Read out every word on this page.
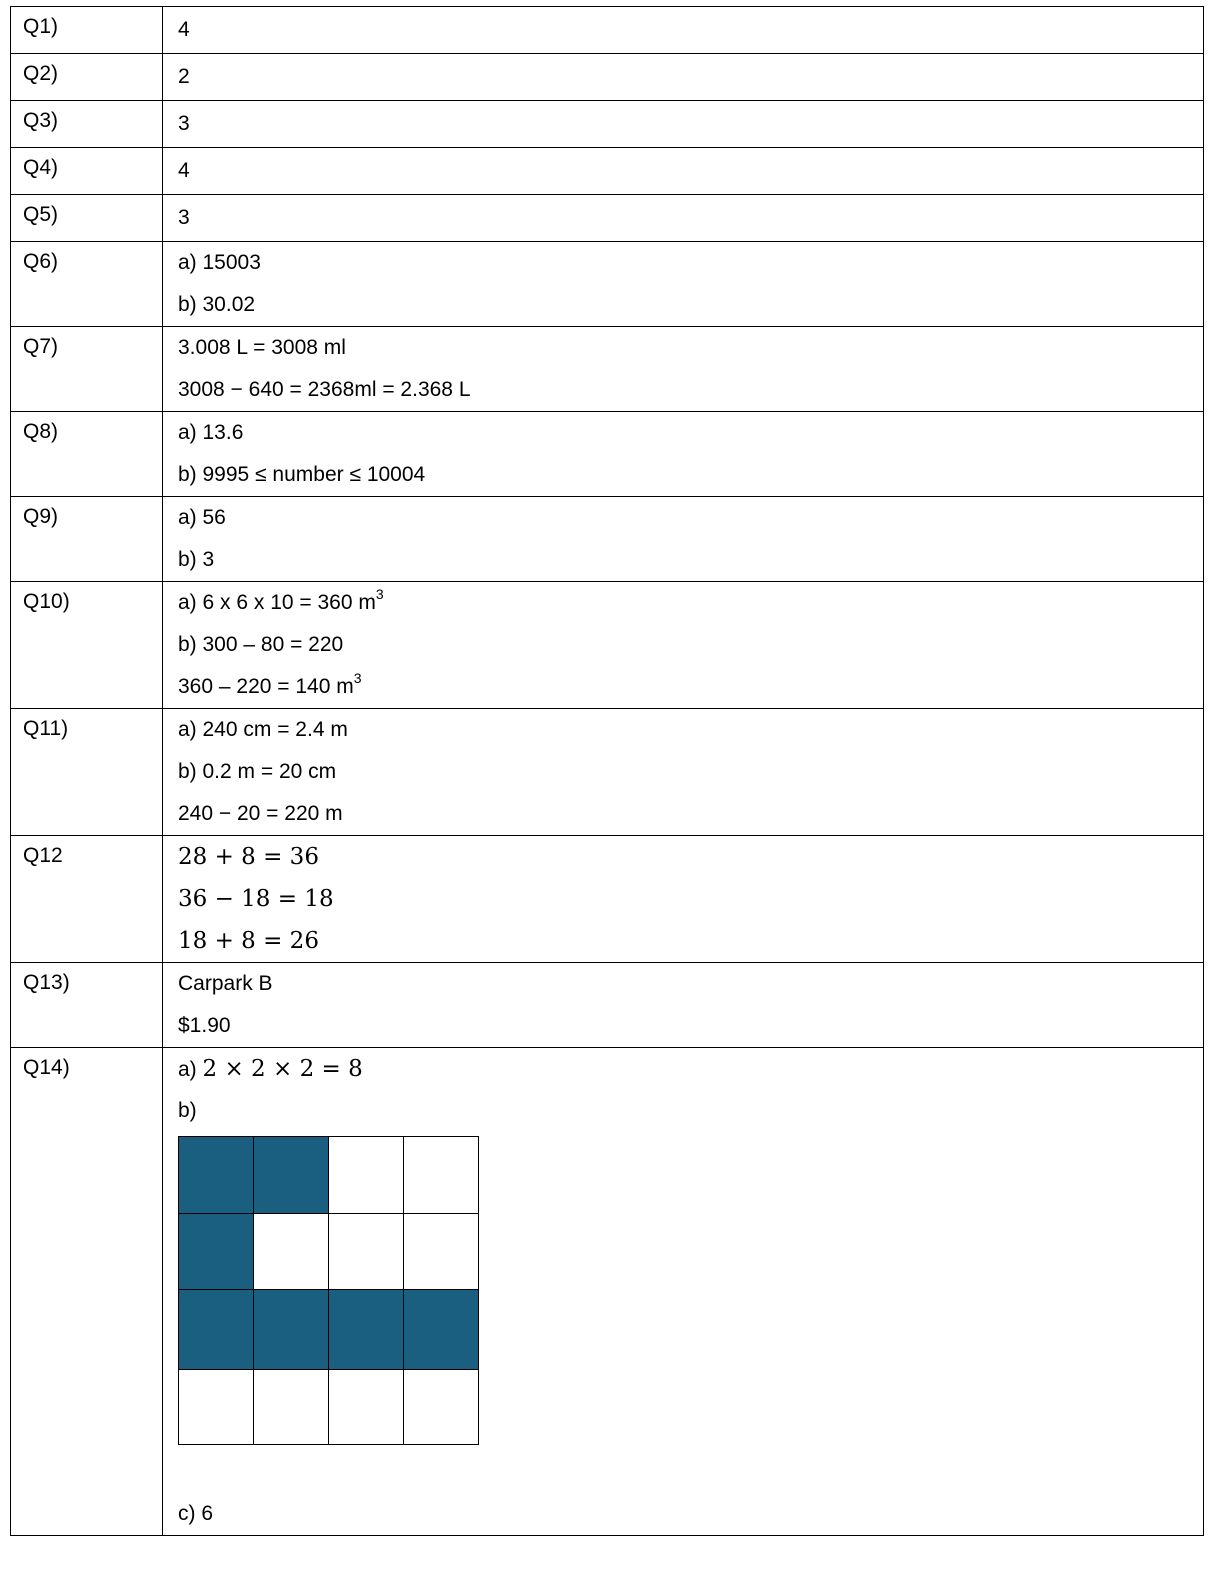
Q1)	4

Q2)	2

Q3)	3

Q4)	4

Q5)	3

Q6)	a) 15003
b) 30.02

Q7)	3.008 L = 3008 ml
3008 − 640 = 2368ml = 2.368 L

Q8)	a) 13.6
b) 9995 ≤ number ≤ 10004

Q9)	a) 56
b) 3

Q10)	a) 6 x 6 x 10 = 360 $m^3$
b) 300 – 80 = 220
360 – 220 = 140 $m^3$

Q11)	a) 240 cm = 2.4 m
b) 0.2 m = 20 cm
240 − 20 = 220 m

Q12	28 + 8 = 36
36 − 18 = 18
18 + 8 = 26

Q13)	Carpark B
$1.90

Q14)	a) 2 × 2 × 2 = 8
b)
c) 6
